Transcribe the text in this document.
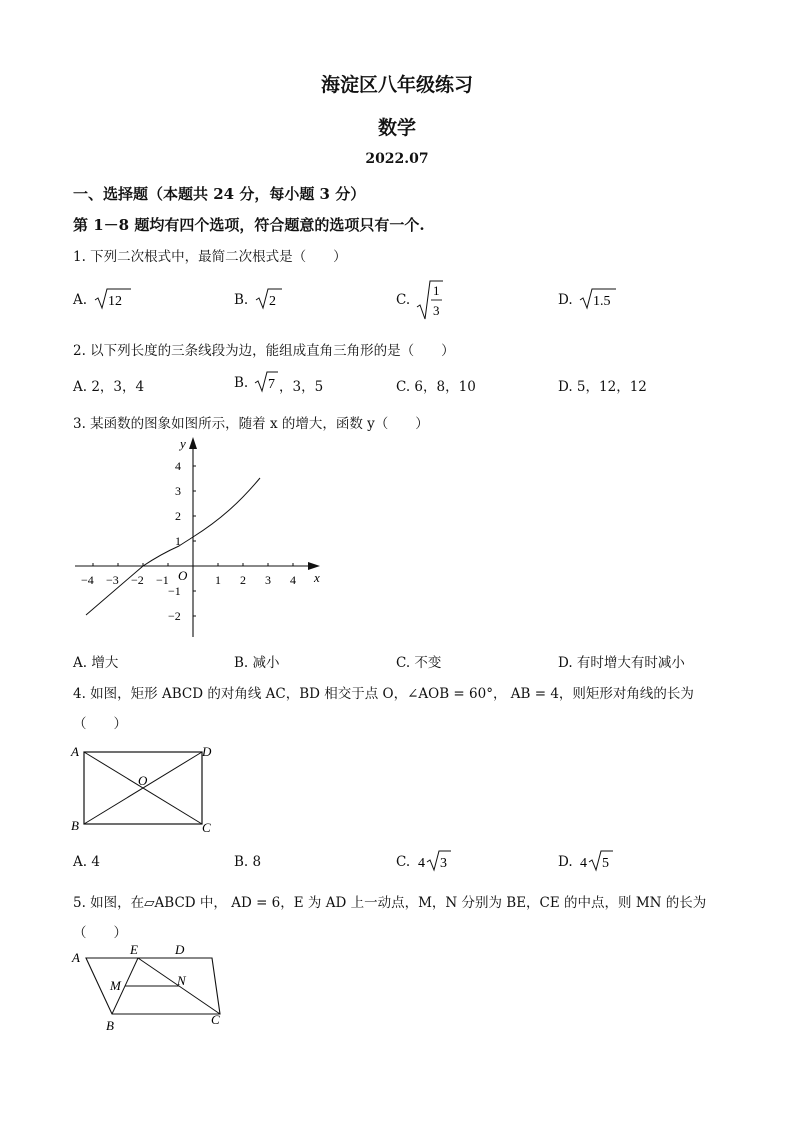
海淀区八年级练习
数学
2022.07
一、选择题（本题共 24 分，每小题 3 分）
第 1－8 题均有四个选项，符合题意的选项只有一个.
1. 下列二次根式中，最简二次根式是（　　）
A. 12	B. 2	C.
1
3
D. 1.5
2. 以下列长度的三条线段为边，能组成直角三角形的是（　　）
A. 2，3，4	B. 7 ，3，5	C. 6，8，10	D. 5，12，12
3. 某函数的图象如图所示，随着 x 的增大，函数 y（　　）
x
y
O
−4 −3 −2 −1	1 2 3 4
4
3
2
1
−1
−2
A. 增大	B. 减小	C. 不变	D. 有时增大有时减小
4. 如图，矩形 ABCD 的对角线 AC，BD 相交于点 O，∠AOB = 60°， AB = 4，则矩形对角线的长为
（　　）
A
B	C
D
O
A. 4	B. 8	C. 4 3	D. 4 5
5. 如图，在▱ABCD 中， AD = 6，E 为 AD 上一动点，M，N 分别为 BE，CE 的中点，则 MN 的长为
（　　）
A
B	C
D
E
M	N
